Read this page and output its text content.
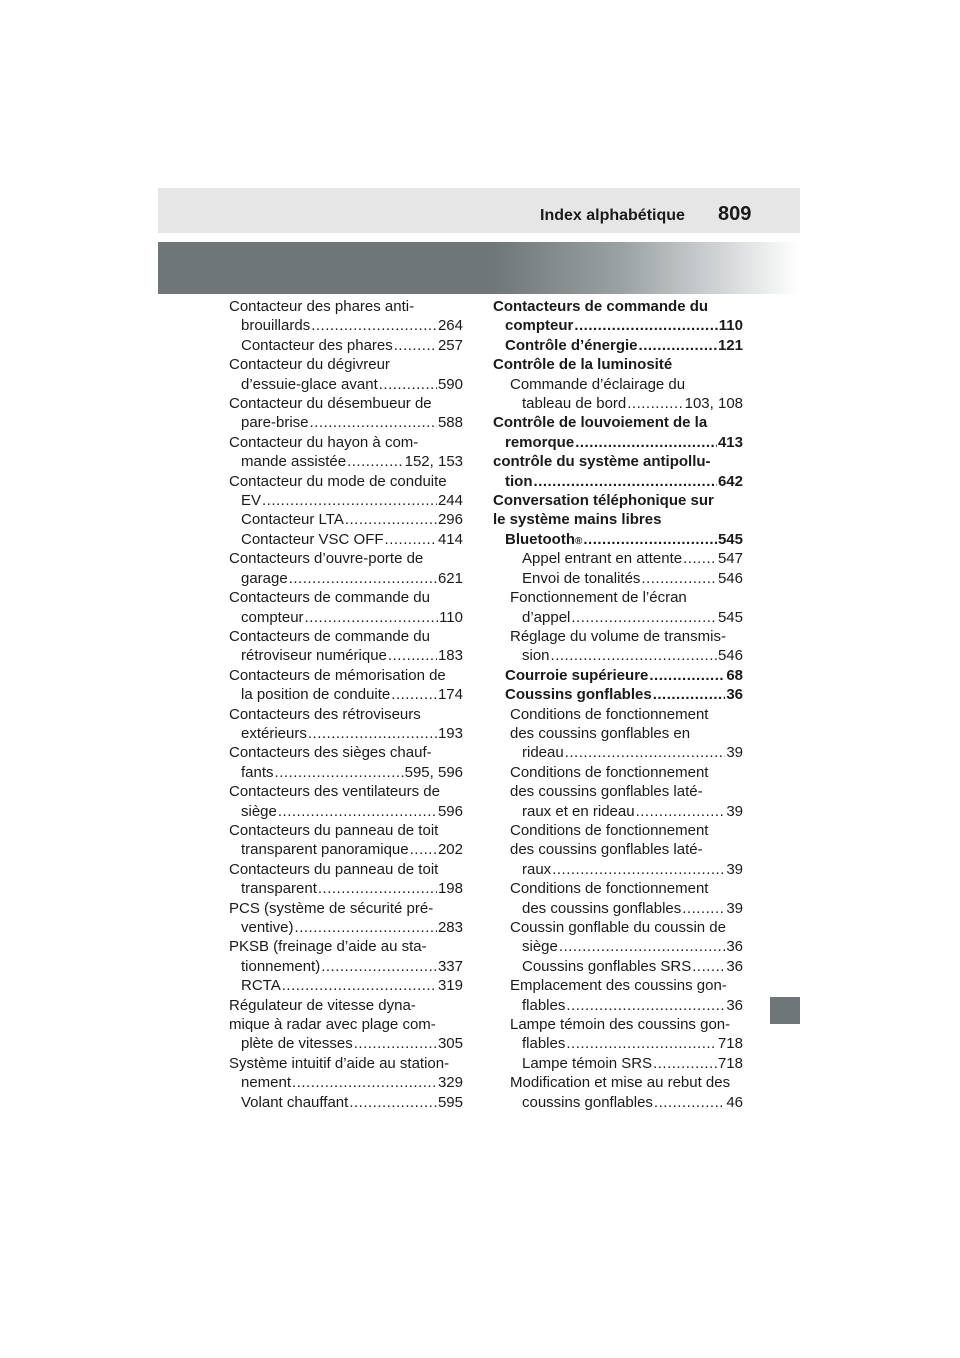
Index alphabétique 809
Contacteur des phares anti-
brouillards .....	264
Contacteur des phares .....	257
Contacteur du dégivreur
d’essuie-glace avant .....	590
Contacteur du désembueur de
pare-brise .....	588
Contacteur du hayon à com-
mande assistée .....	152, 153
Contacteur du mode de conduite
EV .....	244
Contacteur LTA .....	296
Contacteur VSC OFF .....	414
Contacteurs d’ouvre-porte de
garage .....	621
Contacteurs de commande du
compteur .....	110
Contacteurs de commande du
rétroviseur numérique .....	183
Contacteurs de mémorisation de
la position de conduite .....	174
Contacteurs des rétroviseurs
extérieurs .....	193
Contacteurs des sièges chauf-
fants .....	595, 596
Contacteurs des ventilateurs de
siège .....	596
Contacteurs du panneau de toit
transparent panoramique ..... 202
Contacteurs du panneau de toit
transparent .....	198
PCS (système de sécurité pré-
ventive) .....	283
PKSB (freinage d’aide au sta-
tionnement) .....	337
RCTA .....	319
Régulateur de vitesse dyna-
mique à radar avec plage com-
plète de vitesses .....	305
Système intuitif d’aide au station-
nement .....	329
Volant chauffant .....	595
Contacteurs de commande du
compteur .....	110
Contrôle d’énergie .....	121
Contrôle de la luminosité
Commande d’éclairage du
tableau de bord .....	103, 108
Contrôle de louvoiement de la
remorque .....	413
contrôle du système antipollu-
tion .....	642
Conversation téléphonique sur
le système mains libres
Bluetooth ® .....	545
Appel entrant en attente ..... 547
Envoi de tonalités .....	546
Fonctionnement de l’écran
d’appel .....	545
Réglage du volume de transmis-
sion .....	546
Courroie supérieure .....	68
Coussins gonflables .....	36
Conditions de fonctionnement
des coussins gonflables en
rideau .....	39
Conditions de fonctionnement
des coussins gonflables laté-
raux et en rideau .....	39
Conditions de fonctionnement
des coussins gonflables laté-
raux .....	39
Conditions de fonctionnement
des coussins gonflables .....	39
Coussin gonflable du coussin de
siège .....	36
Coussins gonflables SRS ..... 36
Emplacement des coussins gon-
flables .....	36
Lampe témoin des coussins gon-
flables .....	718
Lampe témoin SRS .....	718
Modification et mise au rebut des
coussins gonflables .....	46
